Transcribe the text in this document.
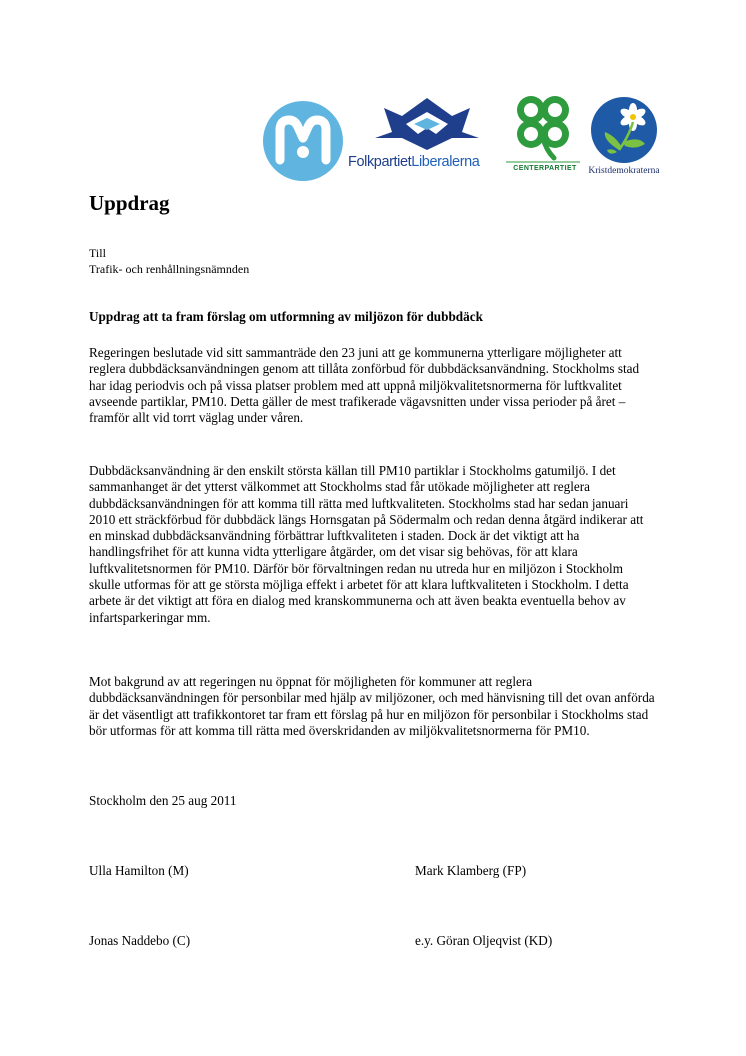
FolkpartietLiberalerna	CENTERPARTIET	Kristdemokraterna
Uppdrag
Till
Trafik- och renhållningsnämnden
Uppdrag att ta fram förslag om utformning av miljözon för dubbdäck

Regeringen beslutade vid sitt sammanträde den 23 juni att ge kommunerna ytterligare möjligheter att reglera dubbdäcksanvändningen genom att tillåta zonförbud för dubbdäcksanvändning. Stockholms stad har idag periodvis och på vissa platser problem med att uppnå miljökvalitetsnormerna för luftkvalitet avseende partiklar, PM10. Detta gäller de mest trafikerade vägavsnitten under vissa perioder på året – framför allt vid torrt väglag under våren.

Dubbdäcksanvändning är den enskilt största källan till PM10 partiklar i Stockholms gatumiljö. I det sammanhanget är det ytterst välkommet att Stockholms stad får utökade möjligheter att reglera dubbdäcksanvändningen för att komma till rätta med luftkvaliteten. Stockholms stad har sedan januari 2010 ett sträckförbud för dubbdäck längs Hornsgatan på Södermalm och redan denna åtgärd indikerar att en minskad dubbdäcksanvändning förbättrar luftkvaliteten i staden. Dock är det viktigt att ha handlingsfrihet för att kunna vidta ytterligare åtgärder, om det visar sig behövas, för att klara luftkvalitetsnormen för PM10. Därför bör förvaltningen redan nu utreda hur en miljözon i Stockholm skulle utformas för att ge största möjliga effekt i arbetet för att klara luftkvaliteten i Stockholm. I detta arbete är det viktigt att föra en dialog med kranskommunerna och att även beakta eventuella behov av infartsparkeringar mm.

Mot bakgrund av att regeringen nu öppnat för möjligheten för kommuner att reglera dubbdäcksanvändningen för personbilar med hjälp av miljözoner, och med hänvisning till det ovan anförda är det väsentligt att trafikkontoret tar fram ett förslag på hur en miljözon för personbilar i Stockholms stad bör utformas för att komma till rätta med överskridanden av miljökvalitetsnormerna för PM10.

Stockholm den 25 aug 2011
Ulla Hamilton (M)	Mark Klamberg (FP)
Jonas Naddebo (C)	e.y. Göran Oljeqvist (KD)
